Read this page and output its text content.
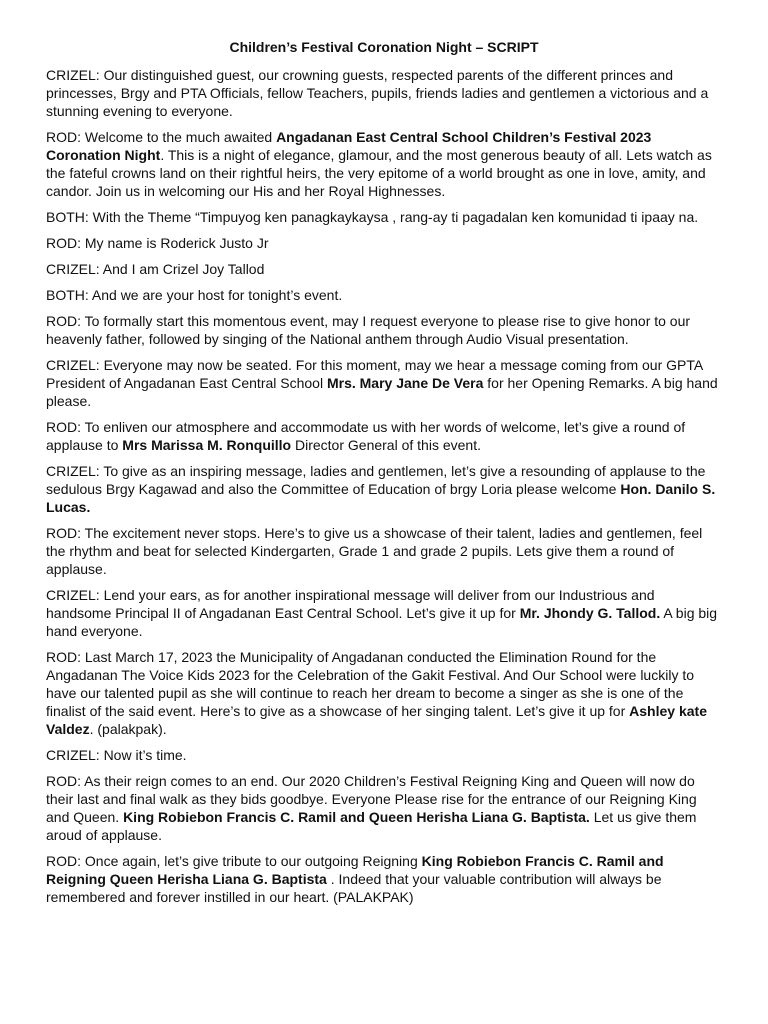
Children’s Festival Coronation Night – SCRIPT

CRIZEL: Our distinguished guest, our crowning guests, respected parents of the different princes and princesses, Brgy and PTA Officials, fellow Teachers, pupils, friends ladies and gentlemen a victorious and a stunning evening to everyone.

ROD: Welcome to the much awaited Angadanan East Central School Children’s Festival 2023 Coronation Night. This is a night of elegance, glamour, and the most generous beauty of all. Lets watch as the fateful crowns land on their rightful heirs, the very epitome of a world brought as one in love, amity, and candor. Join us in welcoming our His and her Royal Highnesses.

BOTH: With the Theme “Timpuyog ken panagkaykaysa , rang-ay ti pagadalan ken komunidad ti ipaay na.

ROD: My name is Roderick Justo Jr

CRIZEL: And I am Crizel Joy Tallod

BOTH: And we are your host for tonight’s event.

ROD: To formally start this momentous event, may I request everyone to please rise to give honor to our heavenly father, followed by singing of the National anthem through Audio Visual presentation.

CRIZEL: Everyone may now be seated. For this moment, may we hear a message coming from our GPTA President of Angadanan East Central School Mrs. Mary Jane De Vera for her Opening Remarks. A big hand please.

ROD: To enliven our atmosphere and accommodate us with her words of welcome, let’s give a round of applause to Mrs Marissa M. Ronquillo Director General of this event.

CRIZEL: To give as an inspiring message, ladies and gentlemen, let’s give a resounding of applause to the sedulous Brgy Kagawad and also the Committee of Education of brgy Loria please welcome Hon. Danilo S. Lucas.

ROD: The excitement never stops. Here’s to give us a showcase of their talent, ladies and gentlemen, feel the rhythm and beat for selected Kindergarten, Grade 1 and grade 2 pupils. Lets give them a round of applause.

CRIZEL: Lend your ears, as for another inspirational message will deliver from our Industrious and handsome Principal II of Angadanan East Central School. Let’s give it up for Mr. Jhondy G. Tallod. A big big hand everyone.

ROD: Last March 17, 2023 the Municipality of Angadanan conducted the Elimination Round for the Angadanan The Voice Kids 2023 for the Celebration of the Gakit Festival. And Our School were luckily to have our talented pupil as she will continue to reach her dream to become a singer as she is one of the finalist of the said event. Here’s to give as a showcase of her singing talent. Let’s give it up for Ashley kate Valdez. (palakpak).

CRIZEL: Now it’s time.

ROD: As their reign comes to an end. Our 2020 Children’s Festival Reigning King and Queen will now do their last and final walk as they bids goodbye. Everyone Please rise for the entrance of our Reigning King and Queen. King Robiebon Francis C. Ramil and Queen Herisha Liana G. Baptista. Let us give them aroud of applause.

ROD: Once again, let’s give tribute to our outgoing Reigning King Robiebon Francis C. Ramil and Reigning Queen Herisha Liana G. Baptista . Indeed that your valuable contribution will always be remembered and forever instilled in our heart. (PALAKPAK)
